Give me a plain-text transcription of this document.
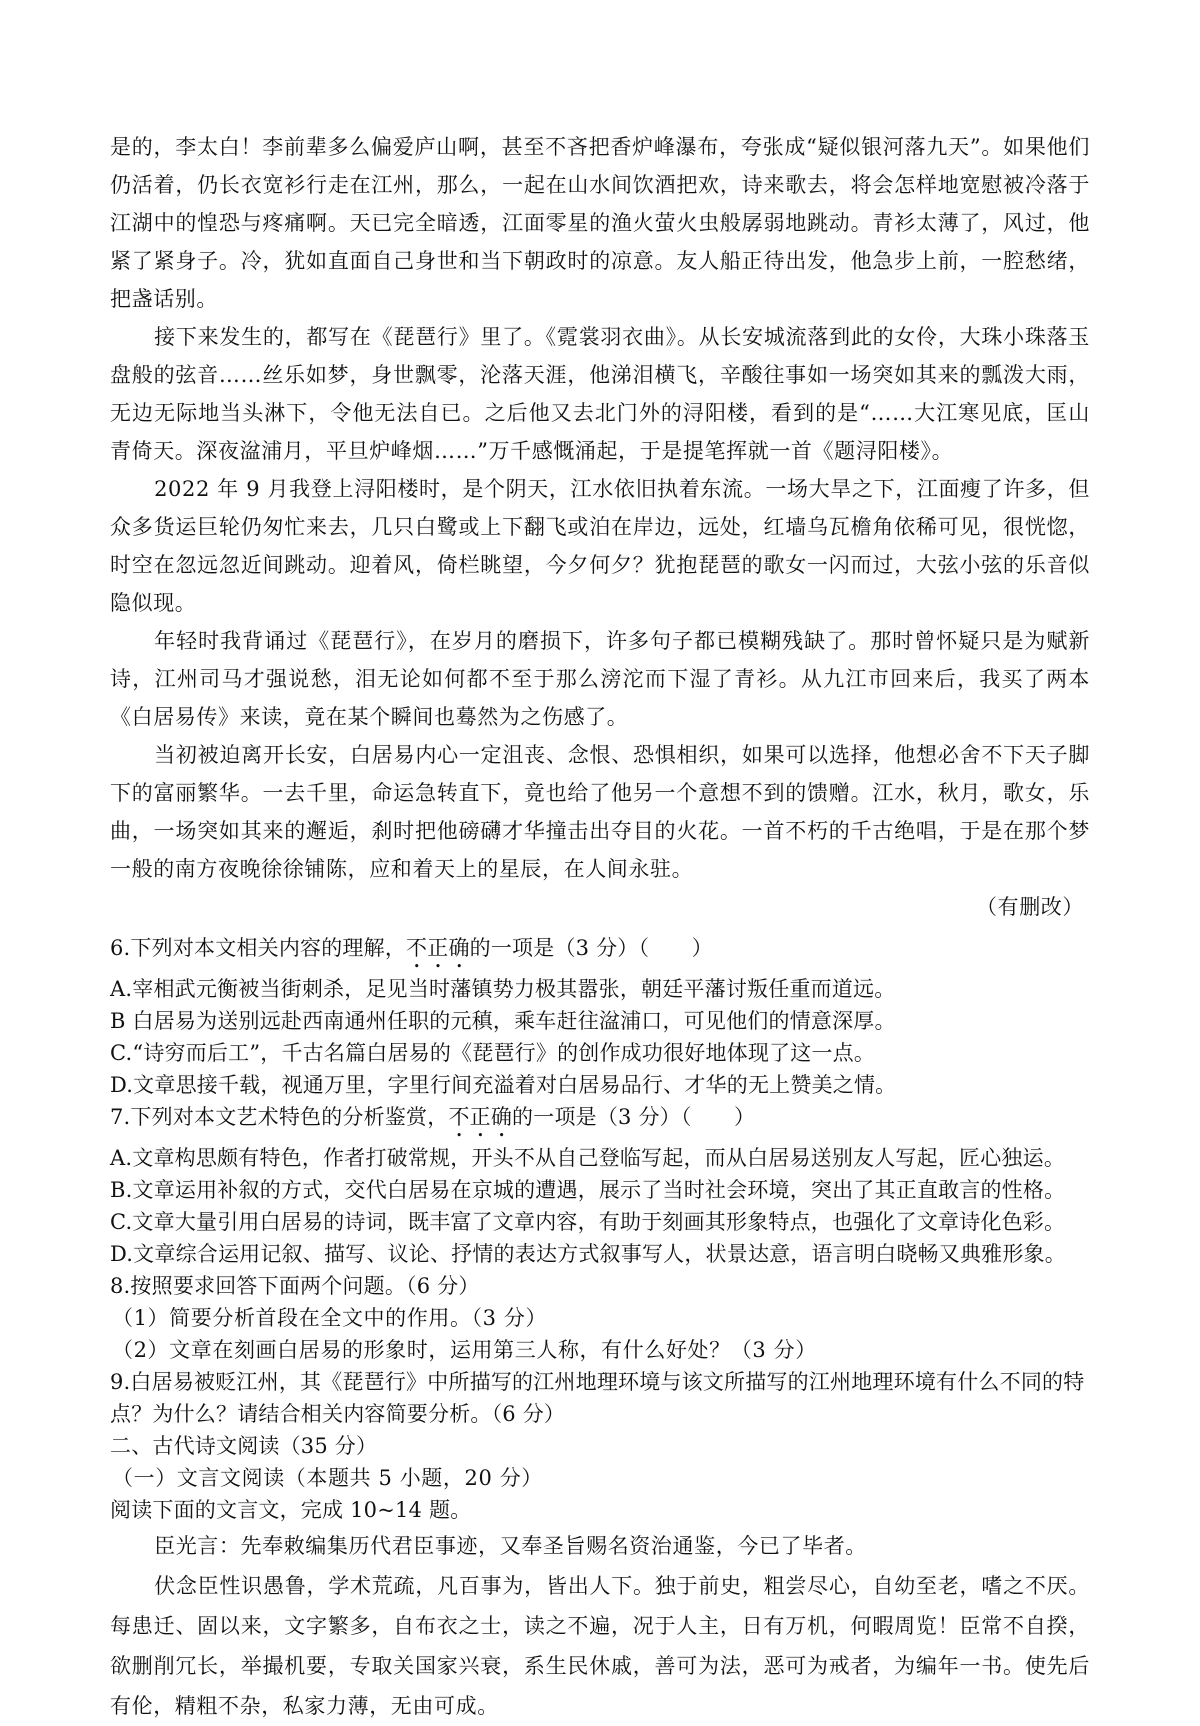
是的，李太白！李前辈多么偏爱庐山啊，甚至不吝把香炉峰瀑布，夸张成“疑似银河落九天”。如果他们仍活着，仍长衣宽衫行走在江州，那么，一起在山水间饮酒把欢，诗来歌去，将会怎样地宽慰被冷落于江湖中的惶恐与疼痛啊。天已完全暗透，江面零星的渔火萤火虫般孱弱地跳动。青衫太薄了，风过，他紧了紧身子。冷，犹如直面自己身世和当下朝政时的凉意。友人船正待出发，他急步上前，一腔愁绪，把盏话别。

接下来发生的，都写在《琵琶行》里了。《霓裳羽衣曲》。从长安城流落到此的女伶，大珠小珠落玉盘般的弦音……丝乐如梦，身世飘零，沦落天涯，他涕泪横飞，辛酸往事如一场突如其来的瓢泼大雨，无边无际地当头淋下，令他无法自已。之后他又去北门外的浔阳楼，看到的是“……大江寒见底，匡山青倚天。深夜湓浦月，平旦炉峰烟……”万千感慨涌起，于是提笔挥就一首《题浔阳楼》。

2022 年 9 月我登上浔阳楼时，是个阴天，江水依旧执着东流。一场大旱之下，江面瘦了许多，但众多货运巨轮仍匆忙来去，几只白鹭或上下翻飞或泊在岸边，远处，红墙乌瓦檐角依稀可见，很恍惚，时空在忽远忽近间跳动。迎着风，倚栏眺望，今夕何夕？犹抱琵琶的歌女一闪而过，大弦小弦的乐音似隐似现。

年轻时我背诵过《琵琶行》，在岁月的磨损下，许多句子都已模糊残缺了。那时曾怀疑只是为赋新诗，江州司马才强说愁，泪无论如何都不至于那么滂沱而下湿了青衫。从九江市回来后，我买了两本《白居易传》来读，竟在某个瞬间也蓦然为之伤感了。

当初被迫离开长安，白居易内心一定沮丧、念恨、恐惧相织，如果可以选择，他想必舍不下天子脚下的富丽繁华。一去千里，命运急转直下，竟也给了他另一个意想不到的馈赠。江水，秋月，歌女，乐曲，一场突如其来的邂逅，刹时把他磅礴才华撞击出夺目的火花。一首不朽的千古绝唱，于是在那个梦一般的南方夜晚徐徐铺陈，应和着天上的星辰，在人间永驻。

（有删改）

6.下列对本文相关内容的理解，不正确的一项是（3 分）（　　）

A.宰相武元衡被当街刺杀，足见当时藩镇势力极其嚣张，朝廷平藩讨叛任重而道远。

B 白居易为送别远赴西南通州任职的元稹，乘车赶往湓浦口，可见他们的情意深厚。

C.“诗穷而后工”，千古名篇白居易的《琵琶行》的创作成功很好地体现了这一点。

D.文章思接千载，视通万里，字里行间充溢着对白居易品行、才华的无上赞美之情。

7.下列对本文艺术特色的分析鉴赏，不正确的一项是（3 分）（　　）

A.文章构思颇有特色，作者打破常规，开头不从自己登临写起，而从白居易送别友人写起，匠心独运。

B.文章运用补叙的方式，交代白居易在京城的遭遇，展示了当时社会环境，突出了其正直敢言的性格。

C.文章大量引用白居易的诗词，既丰富了文章内容，有助于刻画其形象特点，也强化了文章诗化色彩。

D.文章综合运用记叙、描写、议论、抒情的表达方式叙事写人，状景达意，语言明白晓畅又典雅形象。

8.按照要求回答下面两个问题。（6 分）

（1）简要分析首段在全文中的作用。（3 分）

（2）文章在刻画白居易的形象时，运用第三人称，有什么好处？（3 分）

9.白居易被贬江州，其《琵琶行》中所描写的江州地理环境与该文所描写的江州地理环境有什么不同的特点？为什么？请结合相关内容简要分析。（6 分）

二、古代诗文阅读（35 分）

（一）文言文阅读（本题共 5 小题，20 分）

阅读下面的文言文，完成 10~14 题。

臣光言：先奉敕编集历代君臣事迹，又奉圣旨赐名资治通鉴，今已了毕者。

伏念臣性识愚鲁，学术荒疏，凡百事为，皆出人下。独于前史，粗尝尽心，自幼至老，嗜之不厌。每患迁、固以来，文字繁多，自布衣之士，读之不遍，况于人主，日有万机，何暇周览！臣常不自揆，欲删削冗长，举撮机要，专取关国家兴衰，系生民休戚，善可为法，恶可为戒者，为编年一书。使先后有伦，精粗不杂，私家力薄，无由可成。
